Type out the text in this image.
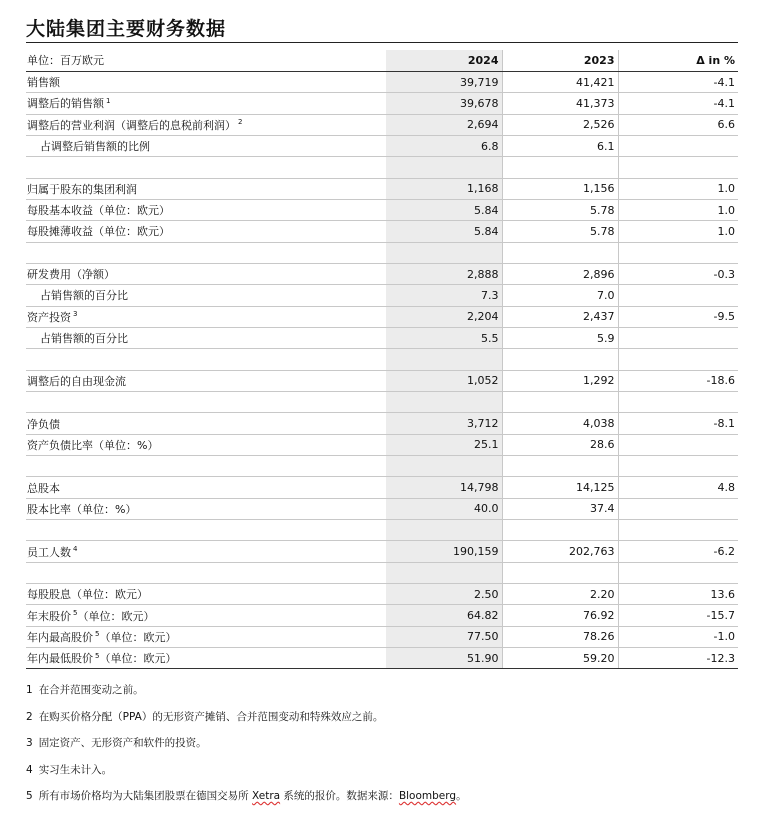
大陆集团主要财务数据
单位：百万欧元	2024	2023	Δ in %
销售额	39,719	41,421	-4.1
调整后的销售额 $^1$	39,678	41,373	-4.1
调整后的营业利润（调整后的息税前利润） $^2$	2,694	2,526	6.6
占调整后销售额的比例	6.8	6.1	

归属于股东的集团利润	1,168	1,156	1.0
每股基本收益（单位：欧元）	5.84	5.78	1.0
每股摊薄收益（单位：欧元）	5.84	5.78	1.0

研发费用（净额）	2,888	2,896	-0.3
占销售额的百分比	7.3	7.0	
资产投资 $^3$	2,204	2,437	-9.5
占销售额的百分比	5.5	5.9	

调整后的自由现金流	1,052	1,292	-18.6

净负债	3,712	4,038	-8.1
资产负债比率（单位：%）	25.1	28.6	

总股本	14,798	14,125	4.8
股本比率（单位：%）	40.0	37.4	

员工人数 $^4$	190,159	202,763	-6.2

每股股息（单位：欧元）	2.50	2.20	13.6
年末股价 $^5$（单位：欧元）	64.82	76.92	-15.7
年内最高股价 $^5$（单位：欧元）	77.50	78.26	-1.0
年内最低股价 $^5$（单位：欧元）	51.90	59.20	-12.3
1 在合并范围变动之前。
2 在购买价格分配（PPA）的无形资产摊销、合并范围变动和特殊效应之前。
3 固定资产、无形资产和软件的投资。
4 实习生未计入。
5 所有市场价格均为大陆集团股票在德国交易所 Xetra 系统的报价。数据来源：Bloomberg。
